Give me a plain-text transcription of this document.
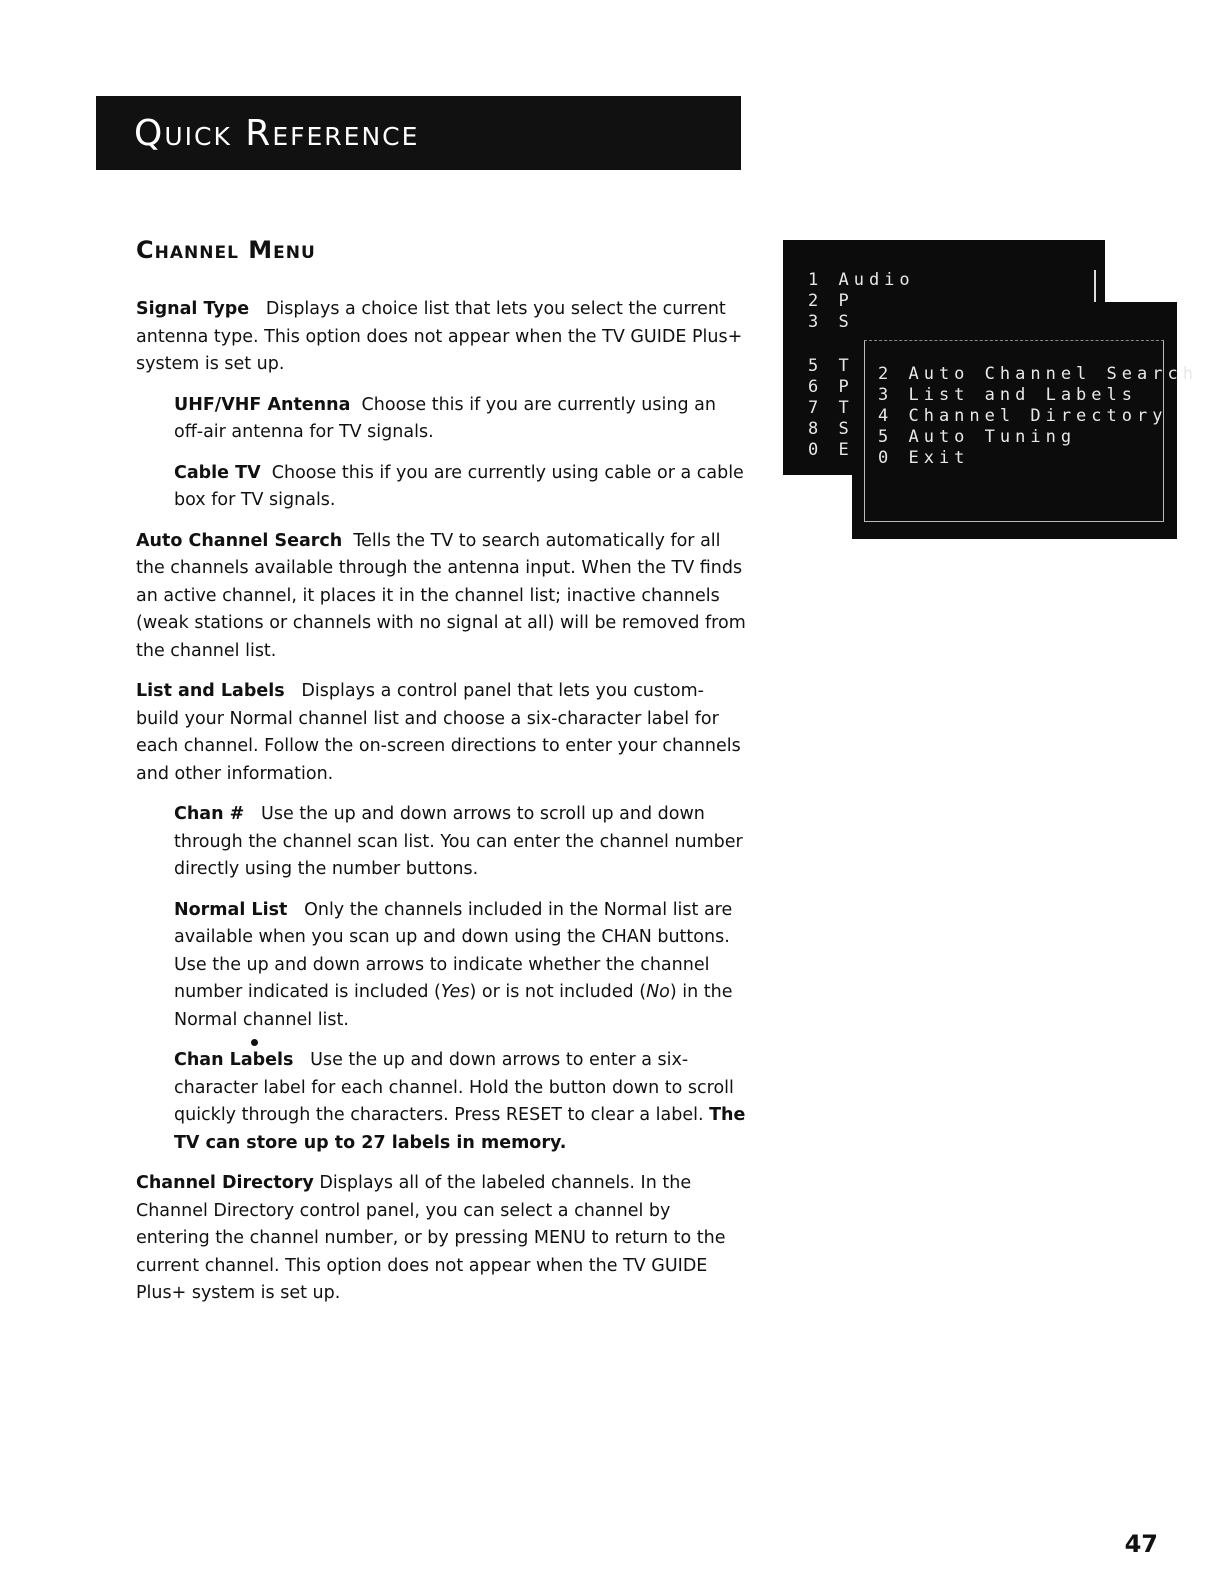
Quick Reference
Channel Menu

Signal Type Displays a choice list that lets you select the current antenna type. This option does not appear when the TV GUIDE Plus+ system is set up.

UHF/VHF Antenna Choose this if you are currently using an off-air antenna for TV signals.

Cable TV Choose this if you are currently using cable or a cable box for TV signals.

Auto Channel Search Tells the TV to search automatically for all the channels available through the antenna input. When the TV finds an active channel, it places it in the channel list; inactive channels (weak stations or channels with no signal at all) will be removed from the channel list.

List and Labels Displays a control panel that lets you custom-build your Normal channel list and choose a six-character label for each channel. Follow the on-screen directions to enter your channels and other information.

Chan # Use the up and down arrows to scroll up and down through the channel scan list. You can enter the channel number directly using the number buttons.

Normal List Only the channels included in the Normal list are available when you scan up and down using the CHAN buttons. Use the up and down arrows to indicate whether the channel number indicated is included (Yes) or is not included (No) in the Normal channel list.

Chan Labels Use the up and down arrows to enter a six-character label for each channel. Hold the button down to scroll quickly through the characters. Press RESET to clear a label. The TV can store up to 27 labels in memory.

Channel Directory Displays all of the labeled channels. In the Channel Directory control panel, you can select a channel by entering the channel number, or by pressing MENU to return to the current channel. This option does not appear when the TV GUIDE Plus+ system is set up.

1 Audio
2 P
3 S
5 T
6 P
7 T
8 S
0 E
2 Auto Channel Search
3 List and Labels
4 Channel Directory
5 Auto Tuning
0 Exit
47
